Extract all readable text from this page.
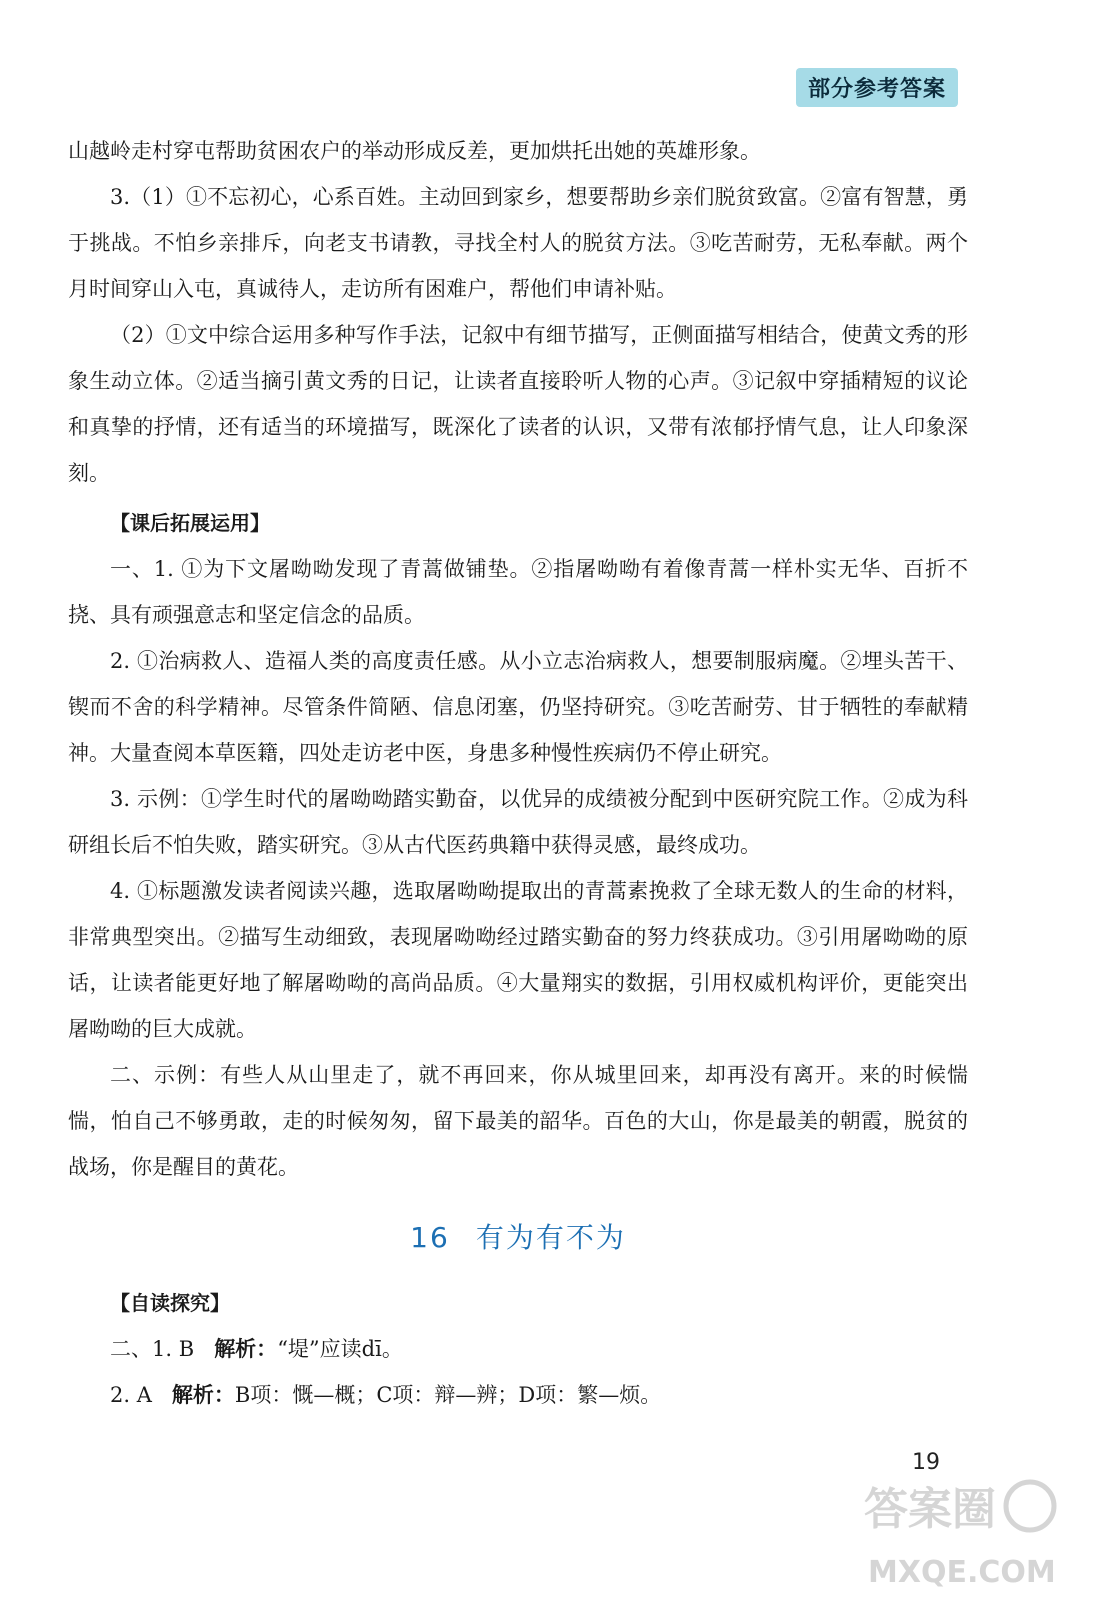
部分参考答案

山越岭走村穿屯帮助贫困农户的举动形成反差，更加烘托出她的英雄形象。

3.（1）①不忘初心，心系百姓。主动回到家乡，想要帮助乡亲们脱贫致富。②富有智慧，勇于挑战。不怕乡亲排斥，向老支书请教，寻找全村人的脱贫方法。③吃苦耐劳，无私奉献。两个月时间穿山入屯，真诚待人，走访所有困难户，帮他们申请补贴。

（2）①文中综合运用多种写作手法，记叙中有细节描写，正侧面描写相结合，使黄文秀的形象生动立体。②适当摘引黄文秀的日记，让读者直接聆听人物的心声。③记叙中穿插精短的议论和真挚的抒情，还有适当的环境描写，既深化了读者的认识，又带有浓郁抒情气息，让人印象深刻。

【课后拓展运用】

一、1. ①为下文屠呦呦发现了青蒿做铺垫。②指屠呦呦有着像青蒿一样朴实无华、百折不挠、具有顽强意志和坚定信念的品质。

2. ①治病救人、造福人类的高度责任感。从小立志治病救人，想要制服病魔。②埋头苦干、锲而不舍的科学精神。尽管条件简陋、信息闭塞，仍坚持研究。③吃苦耐劳、甘于牺牲的奉献精神。大量查阅本草医籍，四处走访老中医，身患多种慢性疾病仍不停止研究。

3. 示例：①学生时代的屠呦呦踏实勤奋，以优异的成绩被分配到中医研究院工作。②成为科研组长后不怕失败，踏实研究。③从古代医药典籍中获得灵感，最终成功。

4. ①标题激发读者阅读兴趣，选取屠呦呦提取出的青蒿素挽救了全球无数人的生命的材料，非常典型突出。②描写生动细致，表现屠呦呦经过踏实勤奋的努力终获成功。③引用屠呦呦的原话，让读者能更好地了解屠呦呦的高尚品质。④大量翔实的数据，引用权威机构评价，更能突出屠呦呦的巨大成就。

二、示例：有些人从山里走了，就不再回来，你从城里回来，却再没有离开。来的时候惴惴，怕自己不够勇敢，走的时候匆匆，留下最美的韶华。百色的大山，你是最美的朝霞，脱贫的战场，你是醒目的黄花。

16 有为有不为

【自读探究】

二、1. B 解析：“堤”应读dī。

2. A 解析：B项：慨—概；C项：辩—辨；D项：繁—烦。

19
答案圈
MXQE.COM
